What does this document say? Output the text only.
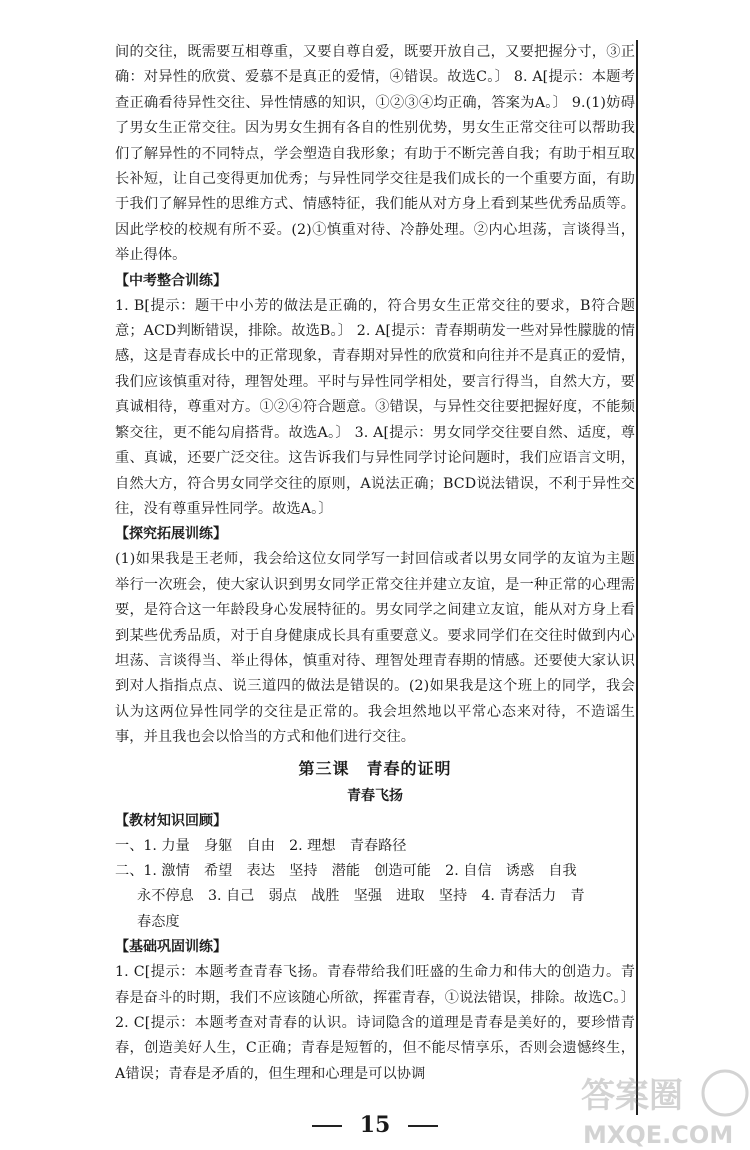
间的交往，既需要互相尊重，又要自尊自爱，既要开放自己，又要把握分寸，③正确：对异性的欣赏、爱慕不是真正的爱情，④错误。故选C。〕 8. A[提示：本题考查正确看待异性交往、异性情感的知识，①②③④均正确，答案为A。〕 9.(1)妨碍了男女生正常交往。因为男女生拥有各自的性别优势，男女生正常交往可以帮助我们了解异性的不同特点，学会塑造自我形象；有助于不断完善自我；有助于相互取长补短，让自己变得更加优秀；与异性同学交往是我们成长的一个重要方面，有助于我们了解异性的思维方式、情感特征，我们能从对方身上看到某些优秀品质等。因此学校的校规有所不妥。(2)①慎重对待、冷静处理。②内心坦荡，言谈得当，举止得体。

【中考整合训练】

1. B[提示：题干中小芳的做法是正确的，符合男女生正常交往的要求，B符合题意；ACD判断错误，排除。故选B。〕 2. A[提示：青春期萌发一些对异性朦胧的情感，这是青春成长中的正常现象，青春期对异性的欣赏和向往并不是真正的爱情，我们应该慎重对待，理智处理。平时与异性同学相处，要言行得当，自然大方，要真诚相待，尊重对方。①②④符合题意。③错误，与异性交往要把握好度，不能频繁交往，更不能勾肩搭背。故选A。〕 3. A[提示：男女同学交往要自然、适度，尊重、真诚，还要广泛交往。这告诉我们与异性同学讨论问题时，我们应语言文明，自然大方，符合男女同学交往的原则，A说法正确；BCD说法错误，不利于异性交往，没有尊重异性同学。故选A。〕

【探究拓展训练】

(1)如果我是王老师，我会给这位女同学写一封回信或者以男女同学的友谊为主题举行一次班会，使大家认识到男女同学正常交往并建立友谊，是一种正常的心理需要，是符合这一年龄段身心发展特征的。男女同学之间建立友谊，能从对方身上看到某些优秀品质，对于自身健康成长具有重要意义。要求同学们在交往时做到内心坦荡、言谈得当、举止得体，慎重对待、理智处理青春期的情感。还要使大家认识到对人指指点点、说三道四的做法是错误的。(2)如果我是这个班上的同学，我会认为这两位异性同学的交往是正常的。我会坦然地以平常心态来对待，不造谣生事，并且我也会以恰当的方式和他们进行交往。

第三课　青春的证明

青春飞扬

【教材知识回顾】

一、1. 力量　身躯　自由　2. 理想　青春路径

二、1. 激情　希望　表达　坚持　潜能　创造可能　2. 自信　诱惑　自我

永不停息　3. 自己　弱点　战胜　坚强　进取　坚持　4. 青春活力　青

春态度

【基础巩固训练】

1. C[提示：本题考查青春飞扬。青春带给我们旺盛的生命力和伟大的创造力。青春是奋斗的时期，我们不应该随心所欲，挥霍青春，①说法错误，排除。故选C。〕 2. C[提示：本题考查对青春的认识。诗词隐含的道理是青春是美好的，要珍惜青春，创造美好人生，C正确；青春是短暂的，但不能尽情享乐，否则会遗憾终生，A错误；青春是矛盾的，但生理和心理是可以协调

15
答案圈
MXQE.COM
